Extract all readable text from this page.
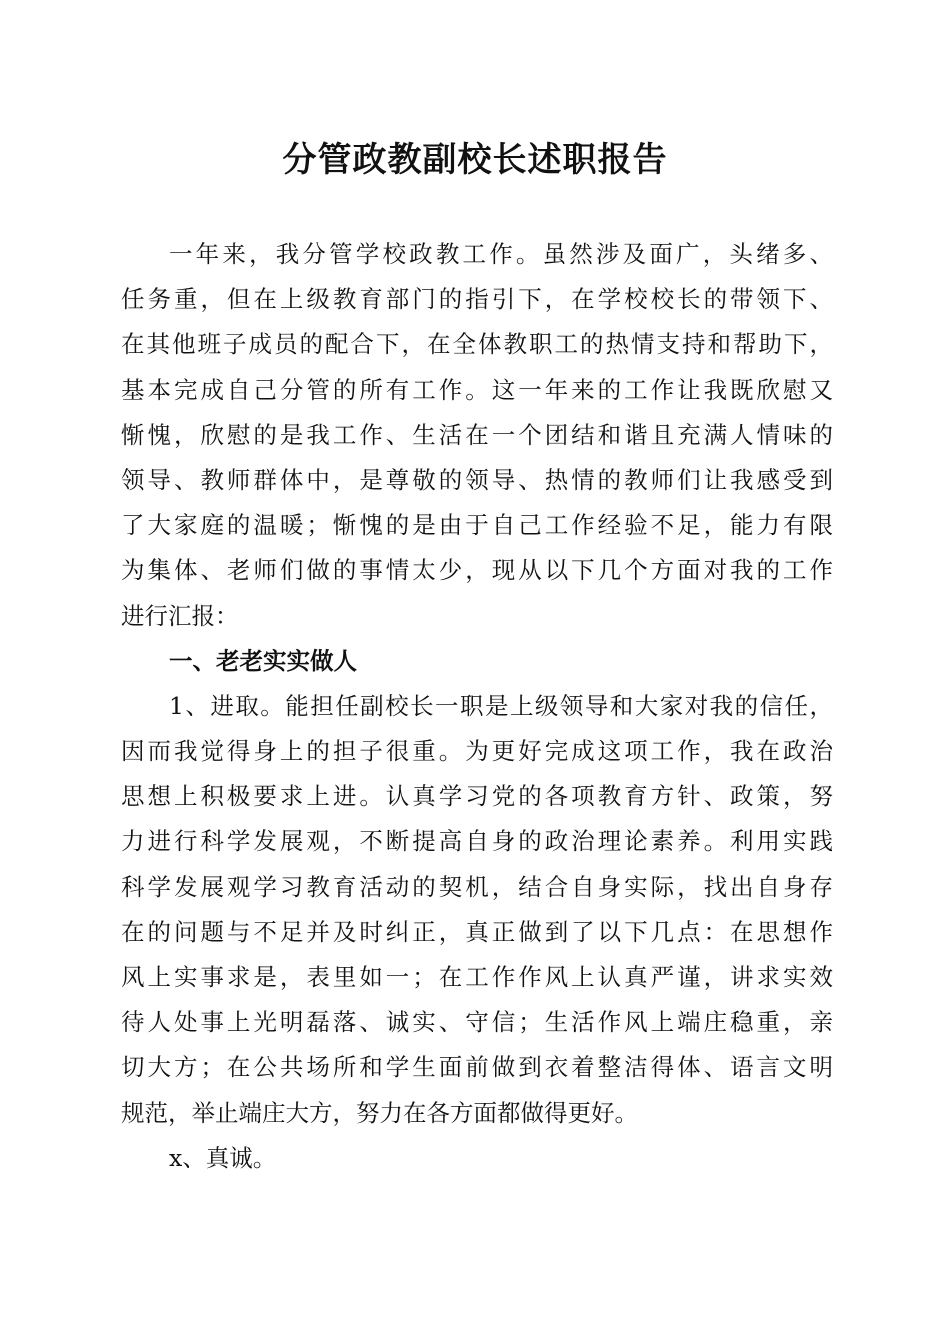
分管政教副校长述职报告
一年来，我分管学校政教工作。虽然涉及面广，头绪多、
任务重，但在上级教育部门的指引下，在学校校长的带领下、
在其他班子成员的配合下，在全体教职工的热情支持和帮助下，
基本完成自己分管的所有工作。这一年来的工作让我既欣慰又
惭愧，欣慰的是我工作、生活在一个团结和谐且充满人情味的
领导、教师群体中，是尊敬的领导、热情的教师们让我感受到
了大家庭的温暖；惭愧的是由于自己工作经验不足，能力有限
为集体、老师们做的事情太少，现从以下几个方面对我的工作
进行汇报：
一、老老实实做人
1、进取。能担任副校长一职是上级领导和大家对我的信任，
因而我觉得身上的担子很重。为更好完成这项工作，我在政治
思想上积极要求上进。认真学习党的各项教育方针、政策，努
力进行科学发展观，不断提高自身的政治理论素养。利用实践
科学发展观学习教育活动的契机，结合自身实际，找出自身存
在的问题与不足并及时纠正，真正做到了以下几点：在思想作
风上实事求是，表里如一；在工作作风上认真严谨，讲求实效
待人处事上光明磊落、诚实、守信；生活作风上端庄稳重，亲
切大方；在公共场所和学生面前做到衣着整洁得体、语言文明
规范，举止端庄大方，努力在各方面都做得更好。
x、真诚。
